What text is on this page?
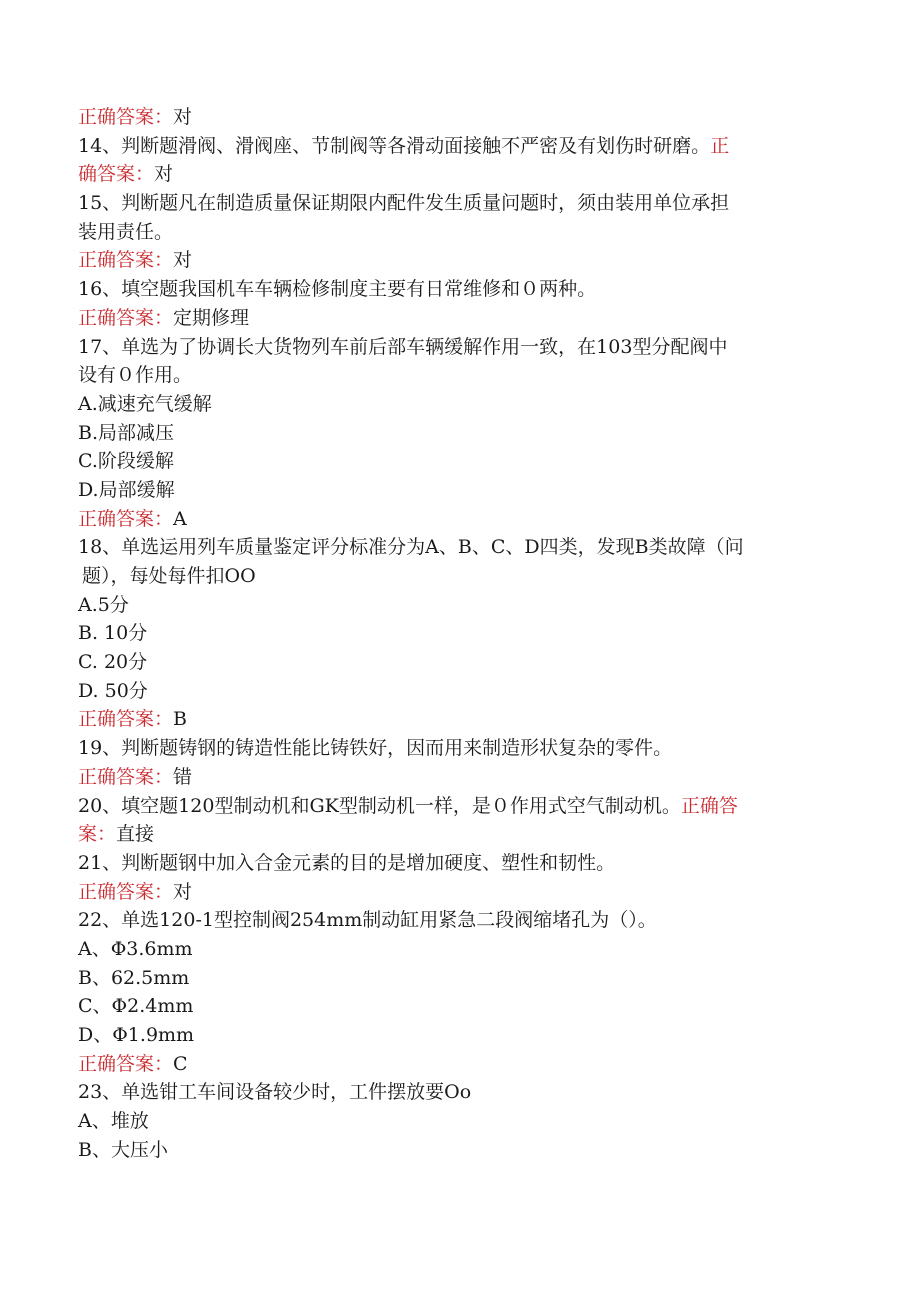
正确答案：对
14、判断题滑阀、滑阀座、节制阀等各滑动面接触不严密及有划伤时研磨。正
确答案：对
15、判断题凡在制造质量保证期限内配件发生质量问题时，须由装用单位承担
装用责任。
正确答案：对
16、填空题我国机车车辆检修制度主要有日常维修和０两种。
正确答案：定期修理
17、单选为了协调长大货物列车前后部车辆缓解作用一致，在103型分配阀中
设有０作用。
A.减速充气缓解
B.局部减压
C.阶段缓解
D.局部缓解
正确答案：A
18、单选运用列车质量鉴定评分标准分为A、B、C、D四类，发现B类故障（问
题），每处每件扣OO
A.5分
B. 10分
C. 20分
D. 50分
正确答案：B
19、判断题铸钢的铸造性能比铸铁好，因而用来制造形状复杂的零件。
正确答案：错
20、填空题120型制动机和GK型制动机一样，是０作用式空气制动机。正确答
案：直接
21、判断题钢中加入合金元素的目的是增加硬度、塑性和韧性。
正确答案：对
22、单选120-1型控制阀254mm制动缸用紧急二段阀缩堵孔为（）。
A、Φ3.6mm
B、62.5mm
C、Φ2.4mm
D、Φ1.9mm
正确答案：C
23、单选钳工车间设备较少时，工件摆放要Oo
A、堆放
B、大压小
